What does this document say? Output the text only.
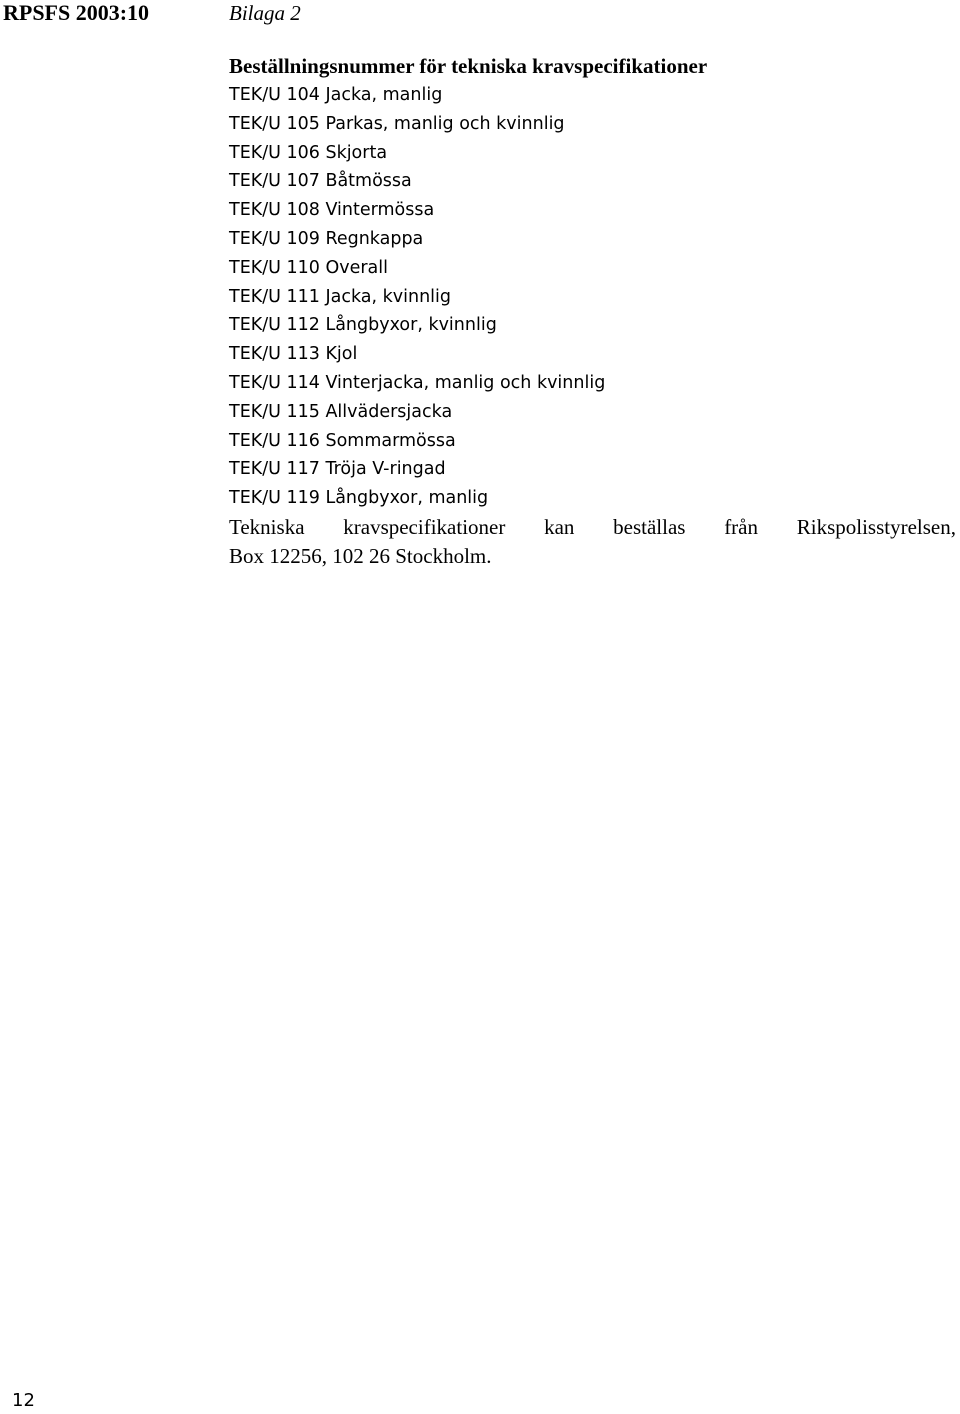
RPSFS 2003:10	Bilaga 2
Beställningsnummer för tekniska kravspecifikationer
TEK/U 104 Jacka, manlig
TEK/U 105 Parkas, manlig och kvinnlig
TEK/U 106 Skjorta
TEK/U 107 Båtmössa
TEK/U 108 Vintermössa
TEK/U 109 Regnkappa
TEK/U 110 Overall
TEK/U 111 Jacka, kvinnlig
TEK/U 112 Långbyxor, kvinnlig
TEK/U 113 Kjol
TEK/U 114 Vinterjacka, manlig och kvinnlig
TEK/U 115 Allvädersjacka
TEK/U 116 Sommarmössa
TEK/U 117 Tröja V-ringad
TEK/U 119 Långbyxor, manlig
Tekniska kravspecifikationer kan beställas från Rikspolisstyrelsen,
Box 12256, 102 26 Stockholm.
12
